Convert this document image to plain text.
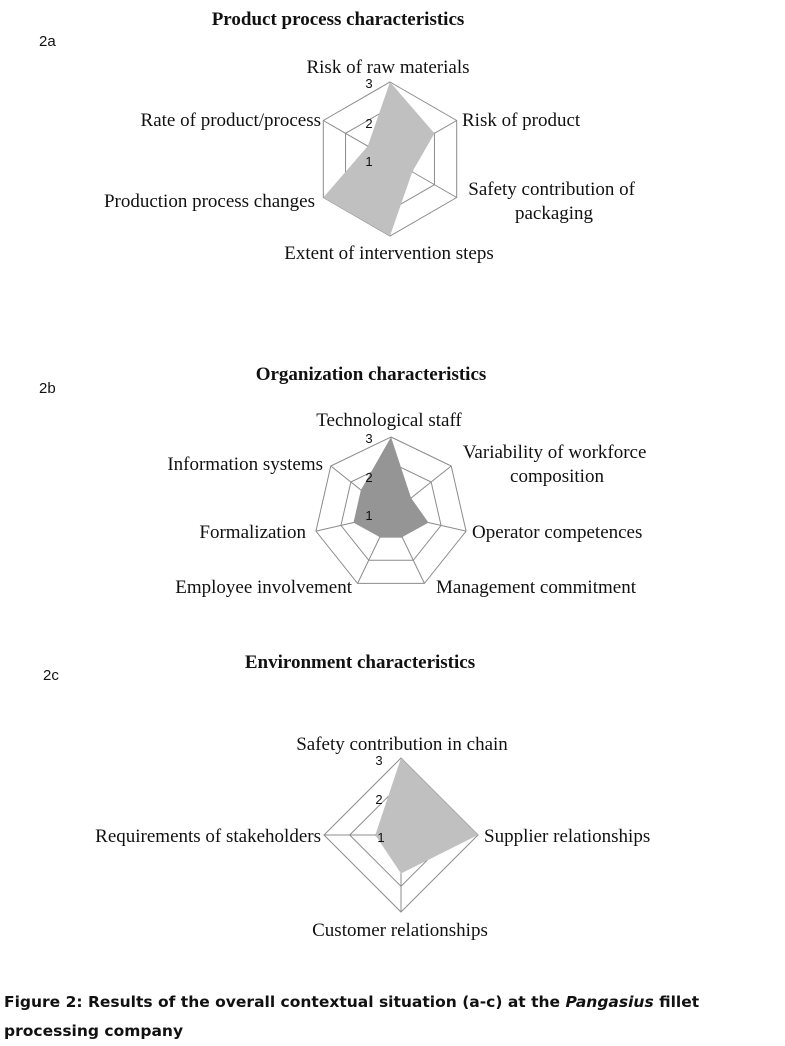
2a
Product process characteristics
3
2
1
Risk of raw materials
Risk of product
Safety contribution of packaging
Extent of intervention steps
Production process changes
Rate of product/process
2b
Organization characteristics
3
2
1
Technological staff
Variability of workforce composition
Operator competences
Management commitment
Employee involvement
Formalization
Information systems
2c
Environment characteristics
3
2
1
Safety contribution in chain
Supplier relationships
Customer relationships
Requirements of stakeholders

Figure 2: Results of the overall contextual situation (a-c) at the Pangasius fillet processing company
